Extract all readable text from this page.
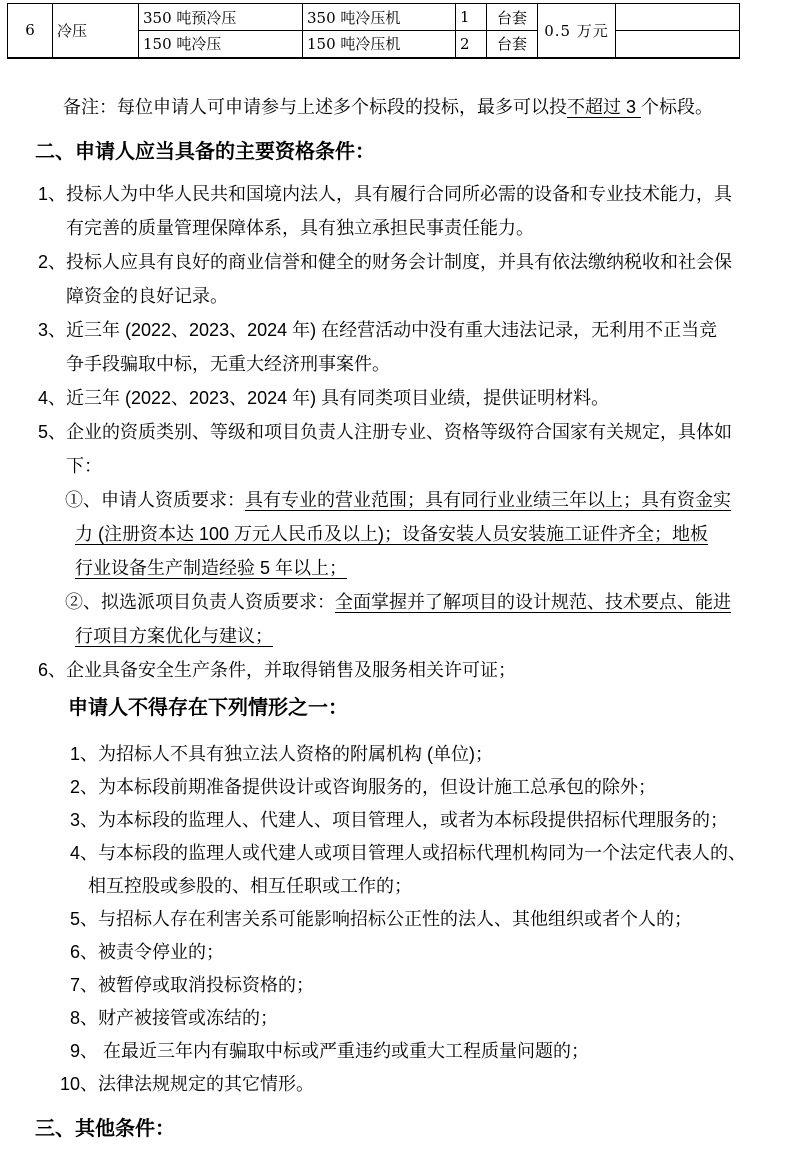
6	冷压	350 吨预冷压	350 吨冷压机	1	台套	0.5 万元	
		150 吨冷压	150 吨冷压机	2	台套		
备注：每位申请人可申请参与上述多个标段的投标，最多可以投不超过 3 个标段。
二、申请人应当具备的主要资格条件：
1、投标人为中华人民共和国境内法人，具有履行合同所必需的设备和专业技术能力，具
有完善的质量管理保障体系，具有独立承担民事责任能力。
2、投标人应具有良好的商业信誉和健全的财务会计制度，并具有依法缴纳税收和社会保
障资金的良好记录。
3、近三年 (2022、2023、2024 年) 在经营活动中没有重大违法记录，无利用不正当竞
争手段骗取中标，无重大经济刑事案件。
4、近三年 (2022、2023、2024 年) 具有同类项目业绩，提供证明材料。
5、企业的资质类别、等级和项目负责人注册专业、资格等级符合国家有关规定，具体如
下：
①、申请人资质要求：具有专业的营业范围；具有同行业业绩三年以上；具有资金实
力 (注册资本达 100 万元人民币及以上)；设备安装人员安装施工证件齐全；地板
行业设备生产制造经验 5 年以上；
②、拟选派项目负责人资质要求：全面掌握并了解项目的设计规范、技术要点、能进
行项目方案优化与建议；
6、企业具备安全生产条件，并取得销售及服务相关许可证；
申请人不得存在下列情形之一：
1、为招标人不具有独立法人资格的附属机构 (单位)；
2、为本标段前期准备提供设计或咨询服务的，但设计施工总承包的除外；
3、为本标段的监理人、代建人、项目管理人，或者为本标段提供招标代理服务的；
4、与本标段的监理人或代建人或项目管理人或招标代理机构同为一个法定代表人的、
相互控股或参股的、相互任职或工作的；
5、与招标人存在利害关系可能影响招标公正性的法人、其他组织或者个人的；
6、被责令停业的；
7、被暂停或取消投标资格的；
8、财产被接管或冻结的；
9、 在最近三年内有骗取中标或严重违约或重大工程质量问题的；
10、法律法规规定的其它情形。
三、其他条件：
